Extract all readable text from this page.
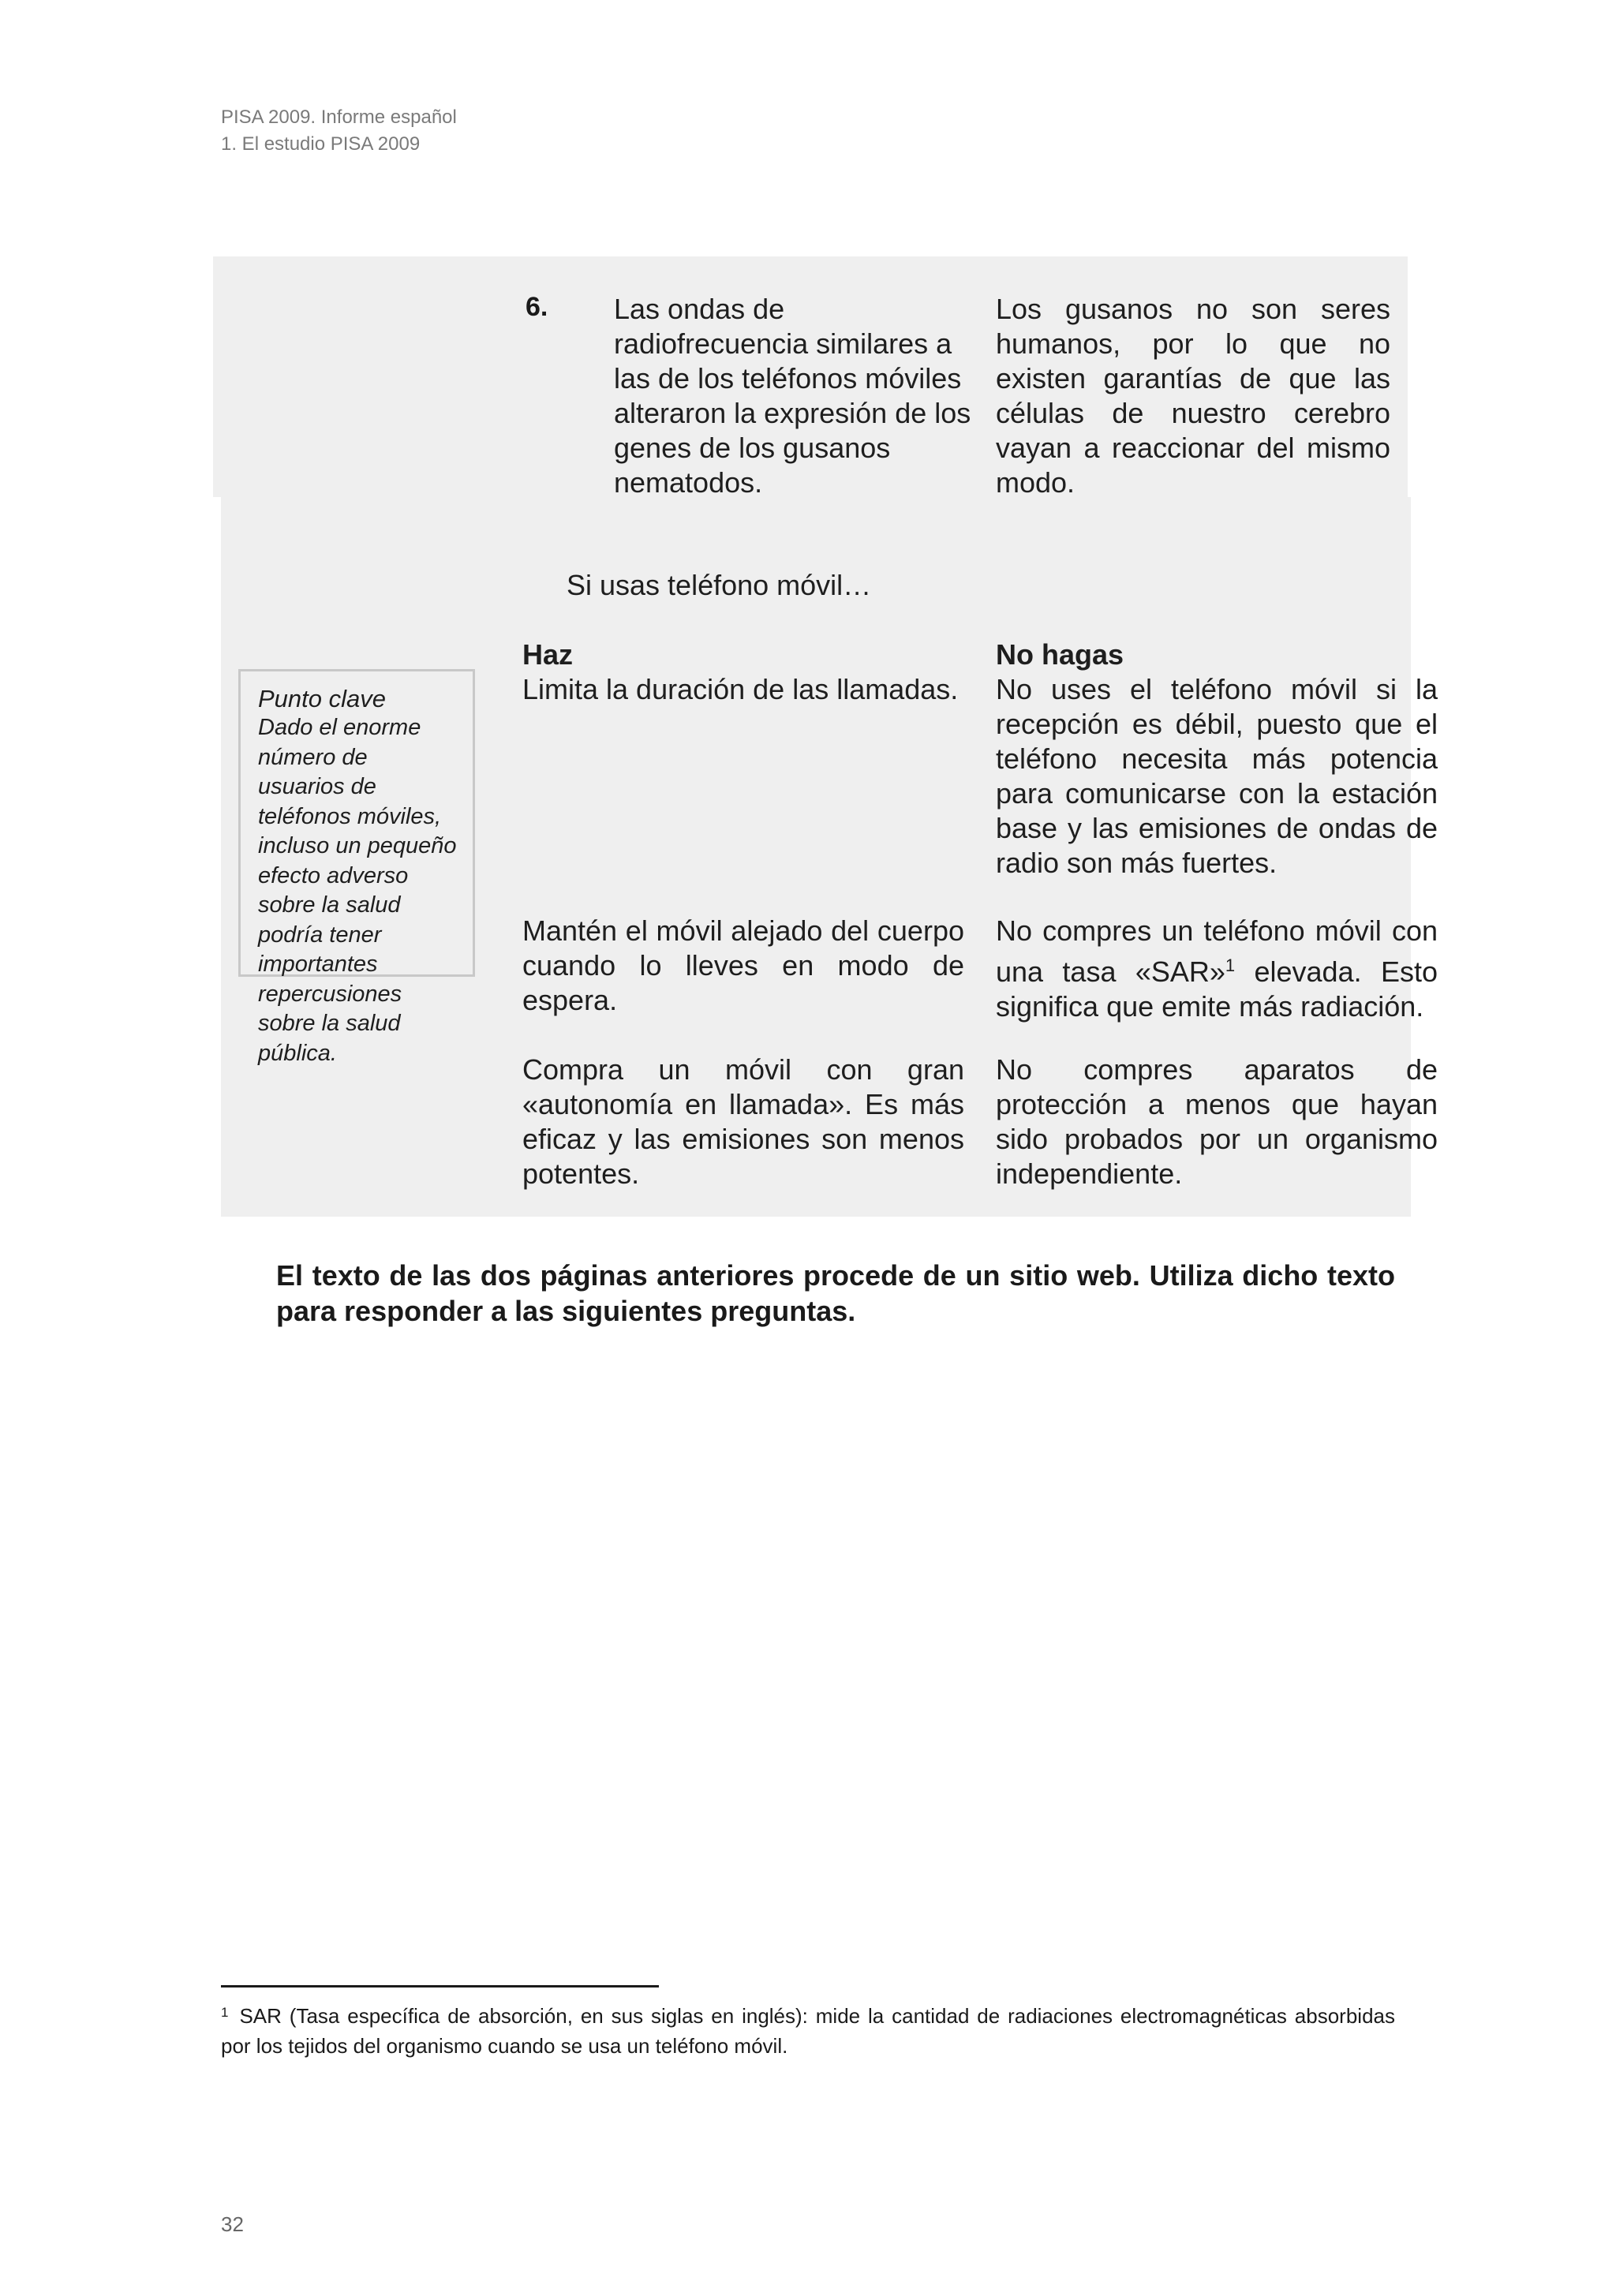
PISA 2009. Informe español
1. El estudio PISA 2009
6. Las ondas de radiofrecuencia similares a las de los teléfonos móviles alteraron la expresión de los genes de los gusanos nematodos.
Los gusanos no son seres humanos, por lo que no existen garantías de que las células de nuestro cerebro vayan a reaccionar del mismo modo.
Si usas teléfono móvil…
Haz	No hagas
Limita la duración de las llamadas.
Mantén el móvil alejado del cuerpo cuando lo lleves en modo de espera.
Compra un móvil con gran «autonomía en llamada». Es más eficaz y las emisiones son menos potentes.
No uses el teléfono móvil si la recepción es débil, puesto que el teléfono necesita más potencia para comunicarse con la estación base y las emisiones de ondas de radio son más fuertes.
No compres un teléfono móvil con una tasa «SAR»$^1$ elevada. Esto significa que emite más radiación.
No compres aparatos de protección a menos que hayan sido probados por un organismo independiente.
Punto clave
Dado el enorme número de usuarios de teléfonos móviles, incluso un pequeño efecto adverso sobre la salud podría tener importantes repercusiones sobre la salud pública.
El texto de las dos páginas anteriores procede de un sitio web. Utiliza dicho texto para responder a las siguientes preguntas.
$^1$ SAR (Tasa específica de absorción, en sus siglas en inglés): mide la cantidad de radiaciones electromagnéticas absorbidas por los tejidos del organismo cuando se usa un teléfono móvil.
32
